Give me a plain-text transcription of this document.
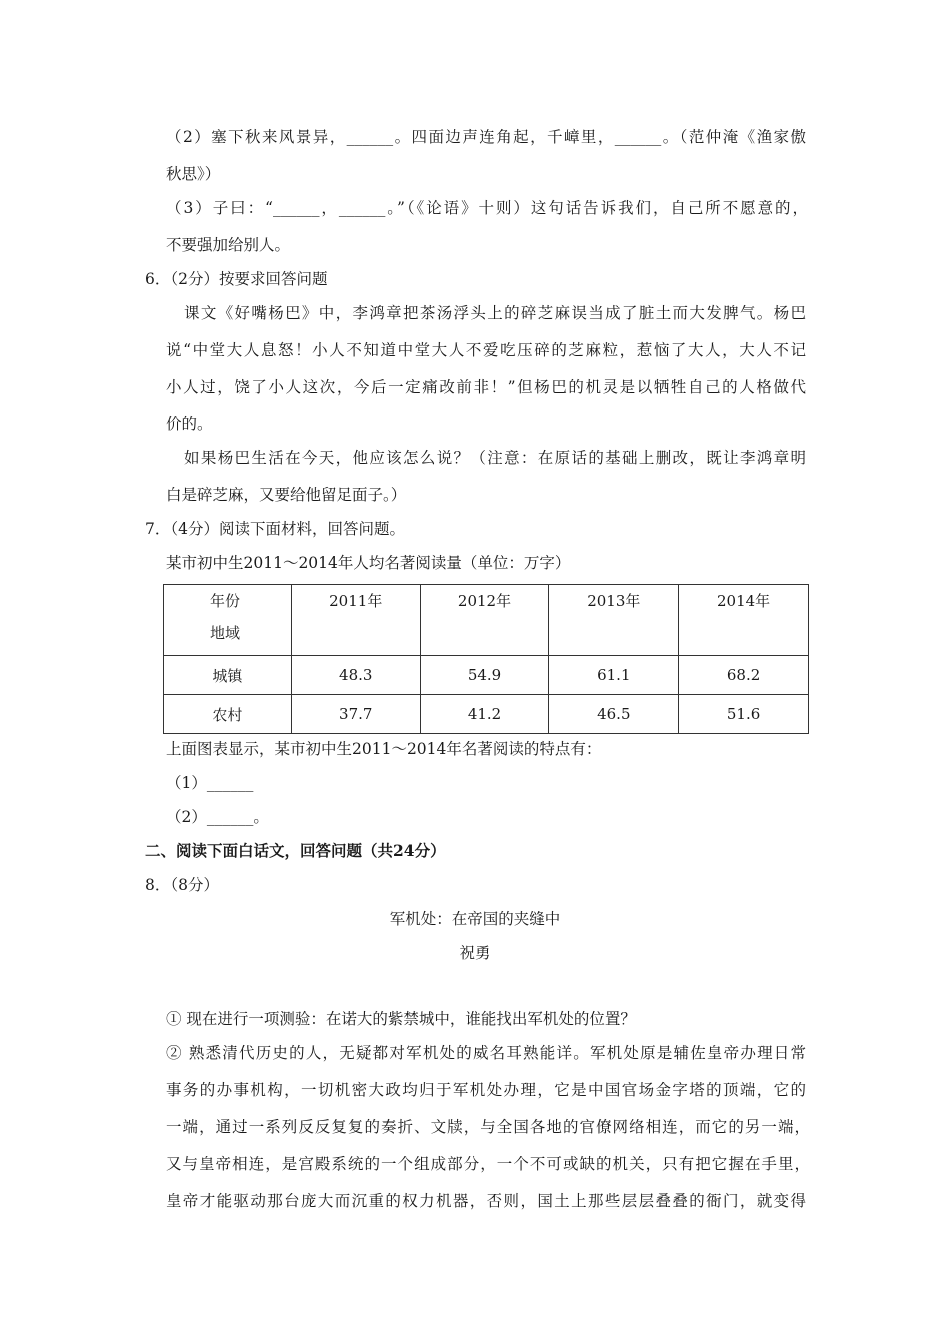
（2）塞下秋来风景异，______。四面边声连角起，千嶂里，______。（范仲淹《渔家傲
秋思》）
（3）子曰：“______，______。”（《论语》十则）这句话告诉我们，自己所不愿意的，
不要强加给别人。
6．（2分）按要求回答问题
课文《好嘴杨巴》中，李鸿章把茶汤浮头上的碎芝麻误当成了脏土而大发脾气。杨巴
说“中堂大人息怒！小人不知道中堂大人不爱吃压碎的芝麻粒，惹恼了大人，大人不记
小人过，饶了小人这次，今后一定痛改前非！”但杨巴的机灵是以牺牲自己的人格做代
价的。
如果杨巴生活在今天，他应该怎么说？（注意：在原话的基础上删改，既让李鸿章明
白是碎芝麻，又要给他留足面子。）
7．（4分）阅读下面材料，回答问题。
某市初中生2011～2014年人均名著阅读量（单位：万字）
年份
地域	2011年	2012年	2013年	2014年

城镇	48.3	54.9	61.1	68.2
农村	37.7	41.2	46.5	51.6
上面图表显示，某市初中生2011～2014年名著阅读的特点有：
（1）______
（2）______。
二、阅读下面白话文，回答问题（共24分）
8．（8分）
军机处：在帝国的夹缝中
祝勇
① 现在进行一项测验：在诺大的紫禁城中，谁能找出军机处的位置？
② 熟悉清代历史的人，无疑都对军机处的威名耳熟能详。军机处原是辅佐皇帝办理日常
事务的办事机构，一切机密大政均归于军机处办理，它是中国官场金字塔的顶端，它的
一端，通过一系列反反复复的奏折、文牍，与全国各地的官僚网络相连，而它的另一端，
又与皇帝相连，是宫殿系统的一个组成部分，一个不可或缺的机关，只有把它握在手里，
皇帝才能驱动那台庞大而沉重的权力机器，否则，国土上那些层层叠叠的衙门，就变得
